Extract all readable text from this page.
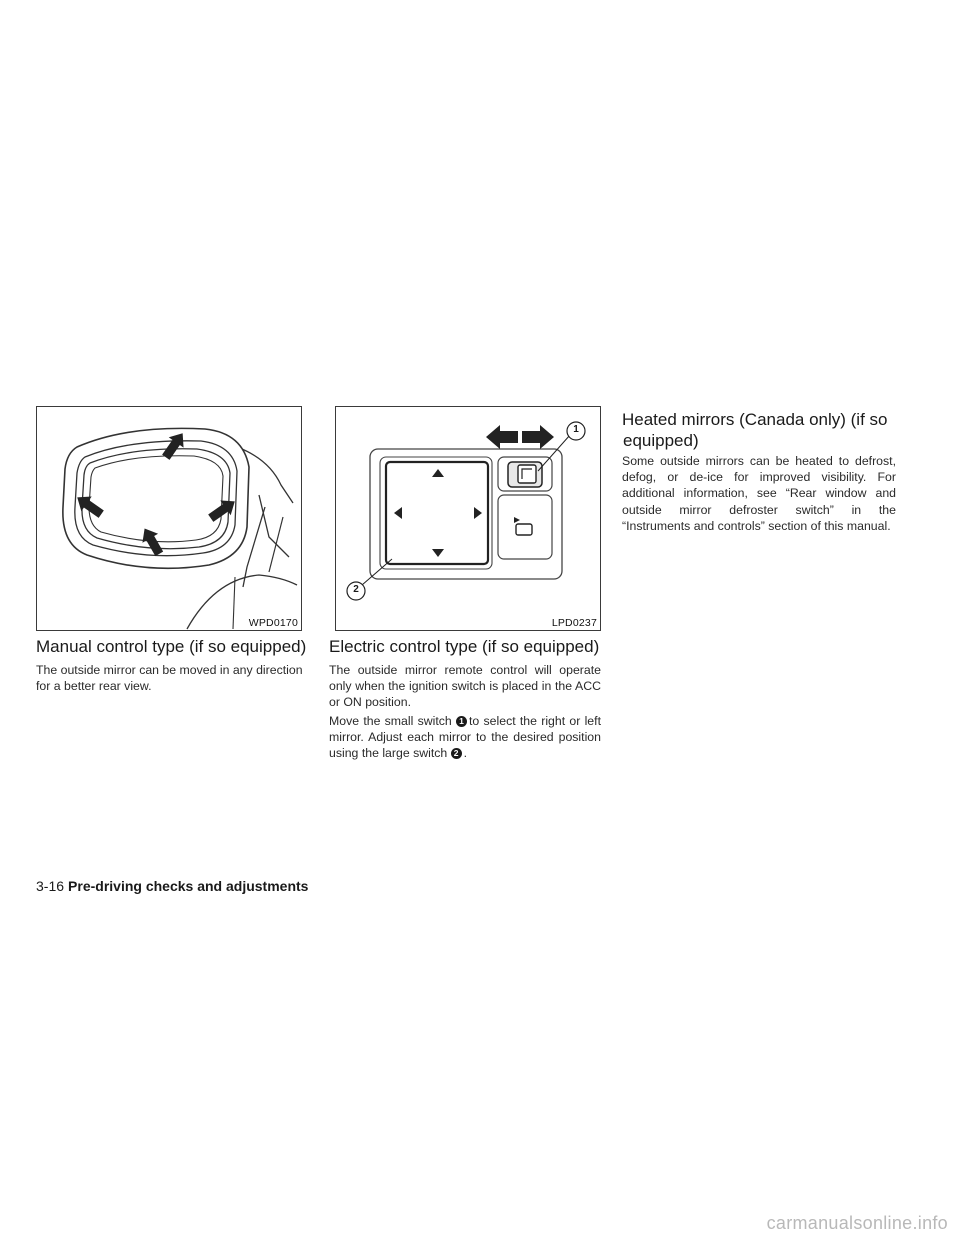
WPD0170
1
2
LPD0237
Manual control type (if so equipped)

The outside mirror can be moved in any direction for a better rear view.

Electric control type (if so equipped)

The outside mirror remote control will operate only when the ignition switch is placed in the ACC or ON position.

Move the small switch 1 to select the right or left mirror. Adjust each mirror to the desired position using the large switch 2 .

Heated mirrors (Canada only) (if so
equipped)

Some outside mirrors can be heated to defrost, defog, or de-ice for improved visibility. For additional information, see “Rear window and outside mirror defroster switch” in the “Instruments and controls” section of this manual.

3-16 Pre-driving checks and adjustments
carmanualsonline.info
